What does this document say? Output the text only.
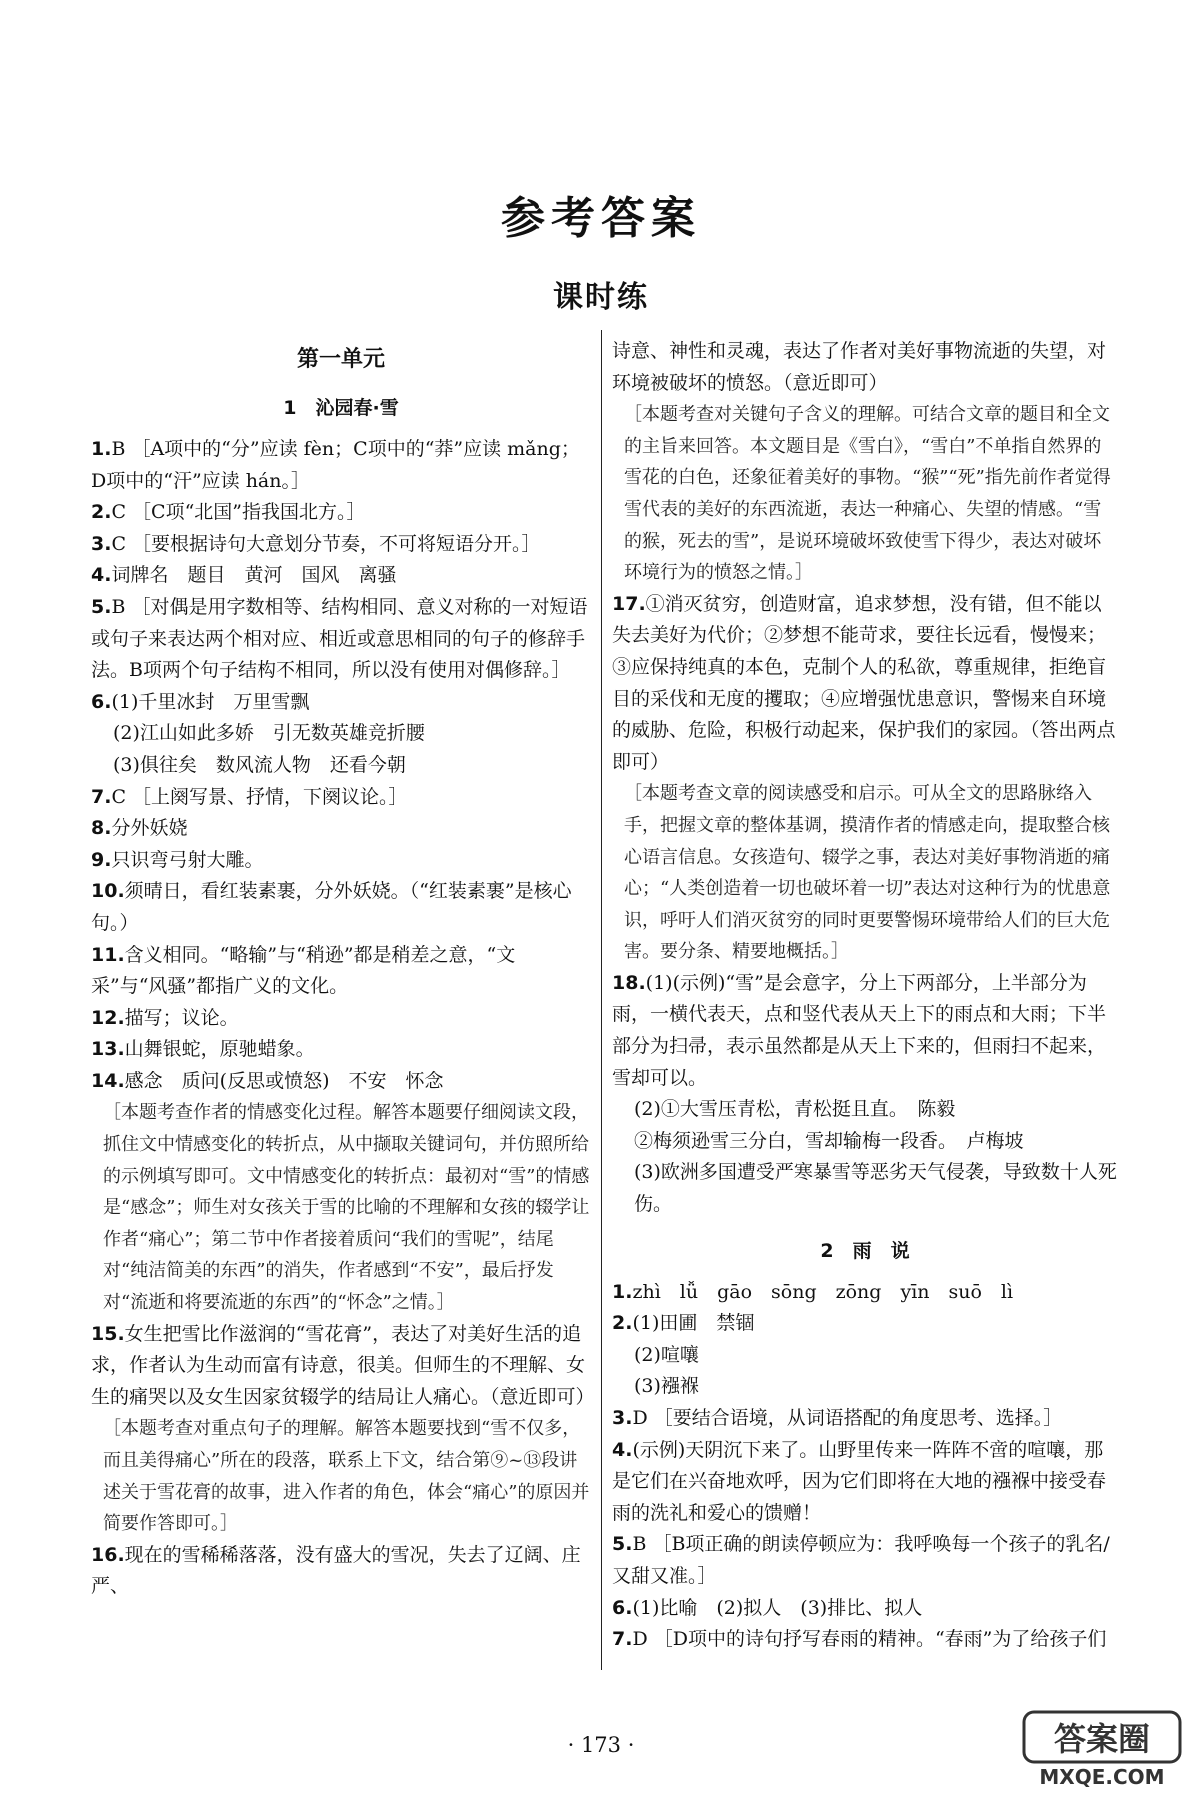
参考答案
课时练
第一单元
1　沁园春·雪
1.B ［A项中的“分”应读 fèn；C项中的“莽”应读 mǎng；D项中的“汗”应读 hán。］
2.C ［C项“北国”指我国北方。］
3.C ［要根据诗句大意划分节奏，不可将短语分开。］
4.词牌名　题目　黄河　国风　离骚
5.B ［对偶是用字数相等、结构相同、意义对称的一对短语或句子来表达两个相对应、相近或意思相同的句子的修辞手法。B项两个句子结构不相同，所以没有使用对偶修辞。］
6.(1)千里冰封　万里雪飘
(2)江山如此多娇　引无数英雄竞折腰
(3)俱往矣　数风流人物　还看今朝
7.C ［上阕写景、抒情，下阕议论。］
8.分外妖娆
9.只识弯弓射大雕。
10.须晴日，看红装素裹，分外妖娆。（“红装素裹”是核心句。）
11.含义相同。“略输”与“稍逊”都是稍差之意，“文采”与“风骚”都指广义的文化。
12.描写；议论。
13.山舞银蛇，原驰蜡象。
14.感念　质问(反思或愤怒)　不安　怀念
［本题考查作者的情感变化过程。解答本题要仔细阅读文段，抓住文中情感变化的转折点，从中撷取关键词句，并仿照所给的示例填写即可。文中情感变化的转折点：最初对“雪”的情感是“感念”；师生对女孩关于雪的比喻的不理解和女孩的辍学让作者“痛心”；第二节中作者接着质问“我们的雪呢”，结尾对“纯洁简美的东西”的消失，作者感到“不安”，最后抒发对“流逝和将要流逝的东西”的“怀念”之情。］
15.女生把雪比作滋润的“雪花膏”，表达了对美好生活的追求，作者认为生动而富有诗意，很美。但师生的不理解、女生的痛哭以及女生因家贫辍学的结局让人痛心。（意近即可）
［本题考查对重点句子的理解。解答本题要找到“雪不仅多，而且美得痛心”所在的段落，联系上下文，结合第⑨~⑬段讲述关于雪花膏的故事，进入作者的角色，体会“痛心”的原因并简要作答即可。］
16.现在的雪稀稀落落，没有盛大的雪况，失去了辽阔、庄严、
诗意、神性和灵魂，表达了作者对美好事物流逝的失望，对环境被破坏的愤怒。（意近即可）
［本题考查对关键句子含义的理解。可结合文章的题目和全文的主旨来回答。本文题目是《雪白》，“雪白”不单指自然界的雪花的白色，还象征着美好的事物。“猴”“死”指先前作者觉得雪代表的美好的东西流逝，表达一种痛心、失望的情感。“雪的猴，死去的雪”，是说环境破坏致使雪下得少，表达对破坏环境行为的愤怒之情。］
17.①消灭贫穷，创造财富，追求梦想，没有错，但不能以失去美好为代价；②梦想不能苛求，要往长远看，慢慢来；③应保持纯真的本色，克制个人的私欲，尊重规律，拒绝盲目的采伐和无度的攫取；④应增强忧患意识，警惕来自环境的威胁、危险，积极行动起来，保护我们的家园。（答出两点即可）
［本题考查文章的阅读感受和启示。可从全文的思路脉络入手，把握文章的整体基调，摸清作者的情感走向，提取整合核心语言信息。女孩造句、辍学之事，表达对美好事物消逝的痛心；“人类创造着一切也破坏着一切”表达对这种行为的忧患意识，呼吁人们消灭贫穷的同时更要警惕环境带给人们的巨大危害。要分条、精要地概括。］
18.(1)(示例)“雪”是会意字，分上下两部分，上半部分为雨，一横代表天，点和竖代表从天上下的雨点和大雨；下半部分为扫帚，表示虽然都是从天上下来的，但雨扫不起来，雪却可以。
(2)①大雪压青松，青松挺且直。　陈毅
②梅须逊雪三分白，雪却输梅一段香。　卢梅坡
(3)欧洲多国遭受严寒暴雪等恶劣天气侵袭，导致数十人死伤。
2　雨　说
1.zhì　lǚ　gāo　sōng　zōng　yīn　suō　lì
2.(1)田圃　禁锢
(2)喧嚷
(3)襁褓
3.D ［要结合语境，从词语搭配的角度思考、选择。］
4.(示例)天阴沉下来了。山野里传来一阵阵不啻的喧嚷，那是它们在兴奋地欢呼，因为它们即将在大地的襁褓中接受春雨的洗礼和爱心的馈赠！
5.B ［B项正确的朗读停顿应为：我呼唤每一个孩子的乳名/又甜又准。］
6.(1)比喻　(2)拟人　(3)排比、拟人
7.D ［D项中的诗句抒写春雨的精神。“春雨”为了给孩子们
· 173 ·	答案圈
MXQE.COM
